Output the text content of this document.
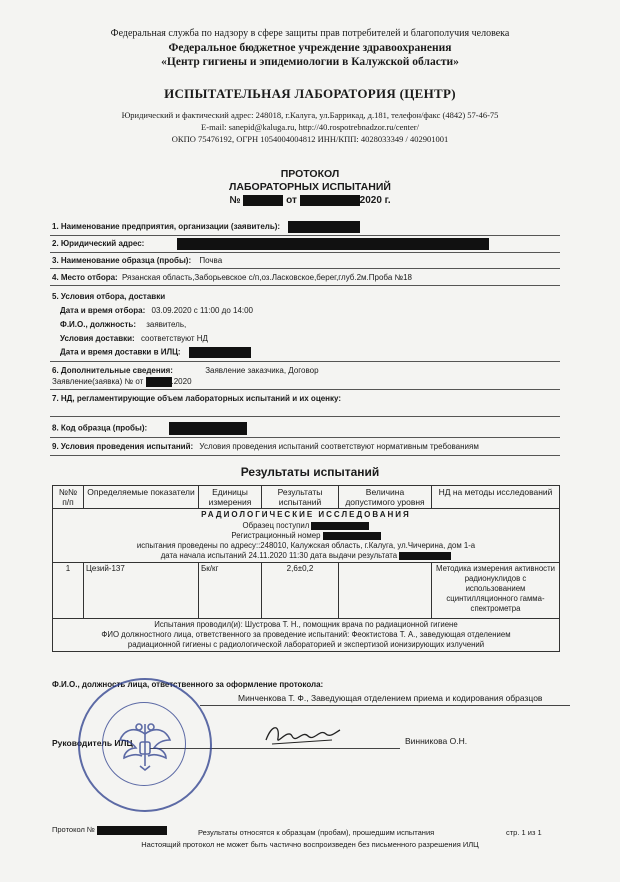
Федеральная служба по надзору в сфере защиты прав потребителей и благополучия человека
Федеральное бюджетное учреждение здравоохранения
«Центр гигиены и эпидемиологии в Калужской области»
ИСПЫТАТЕЛЬНАЯ ЛАБОРАТОРИЯ (ЦЕНТР)
Юридический и фактический адрес: 248018, г.Калуга, ул.Баррикад, д.181, телефон/факс (4842) 57-46-75
E-mail: sanepid@kaluga.ru, http://40.rospotrebnadzor.ru/center/
ОКПО 75476192, ОГРН 1054004004812 ИНН/КПП: 4028033349 / 402901001
ПРОТОКОЛ
ЛАБОРАТОРНЫХ ИСПЫТАНИЙ
№	от	2020 г.
1. Наименование предприятия, организации (заявитель):
2. Юридический адрес:
3. Наименование образца (пробы): Почва
4. Место отбора: Рязанская область,Заборьевское с/п,оз.Ласковское,берег,глуб.2м.Проба №18
5. Условия отбора, доставки
Дата и время отбора: 03.09.2020 с 11:00 до 14:00
Ф.И.О., должность: заявитель,
Условия доставки: соответствуют НД
Дата и время доставки в ИЛЦ:
6. Дополнительные сведения:	Заявление заказчика, Договор
Заявление(заявка) № от	.2020
7. НД, регламентирующие объем лабораторных испытаний и их оценку:
8. Код образца (пробы):
9. Условия проведения испытаний: Условия проведения испытаний соответствуют нормативным требованиям
Результаты испытаний
№№ п/п	Определяемые показатели	Единицы измерения	Результаты испытаний	Величина допустимого уровня	НД на методы исследований
РАДИОЛОГИЧЕСКИЕ ИССЛЕДОВАНИЯ					

Образец поступил
Регистрационный номер
испытания проведены по адресу::248010, Калужская область, г.Калуга, ул.Чичерина, дом 1-а
дата начала испытаний 24.11.2020 11:30 дата выдачи результата					

1	Цезий-137	Бк/кг	2,6±0,2		Методика измерения активности радионуклидов с использованием сцинтилляционного гамма-спектрометра

Испытания проводил(и): Шустрова Т. Н., помощник врача по радиационной гигиене
ФИО должностного лица, ответственного за проведение испытаний: Феоктистова Т. А., заведующая отделением
радиационной гигиены с радиологической лабораторией и экспертизой ионизирующих излучений					
Ф.И.О., должность лица, ответственного за оформление протокола:
Минченкова Т. Ф., Заведующая отделением приема и кодирования образцов
Руководитель ИЛЦ	Винникова О.Н.
Протокол №	Результаты относятся к образцам (пробам), прошедшим испытания	стр. 1 из 1
Настоящий протокол не может быть частично воспроизведен без письменного разрешения ИЛЦ
